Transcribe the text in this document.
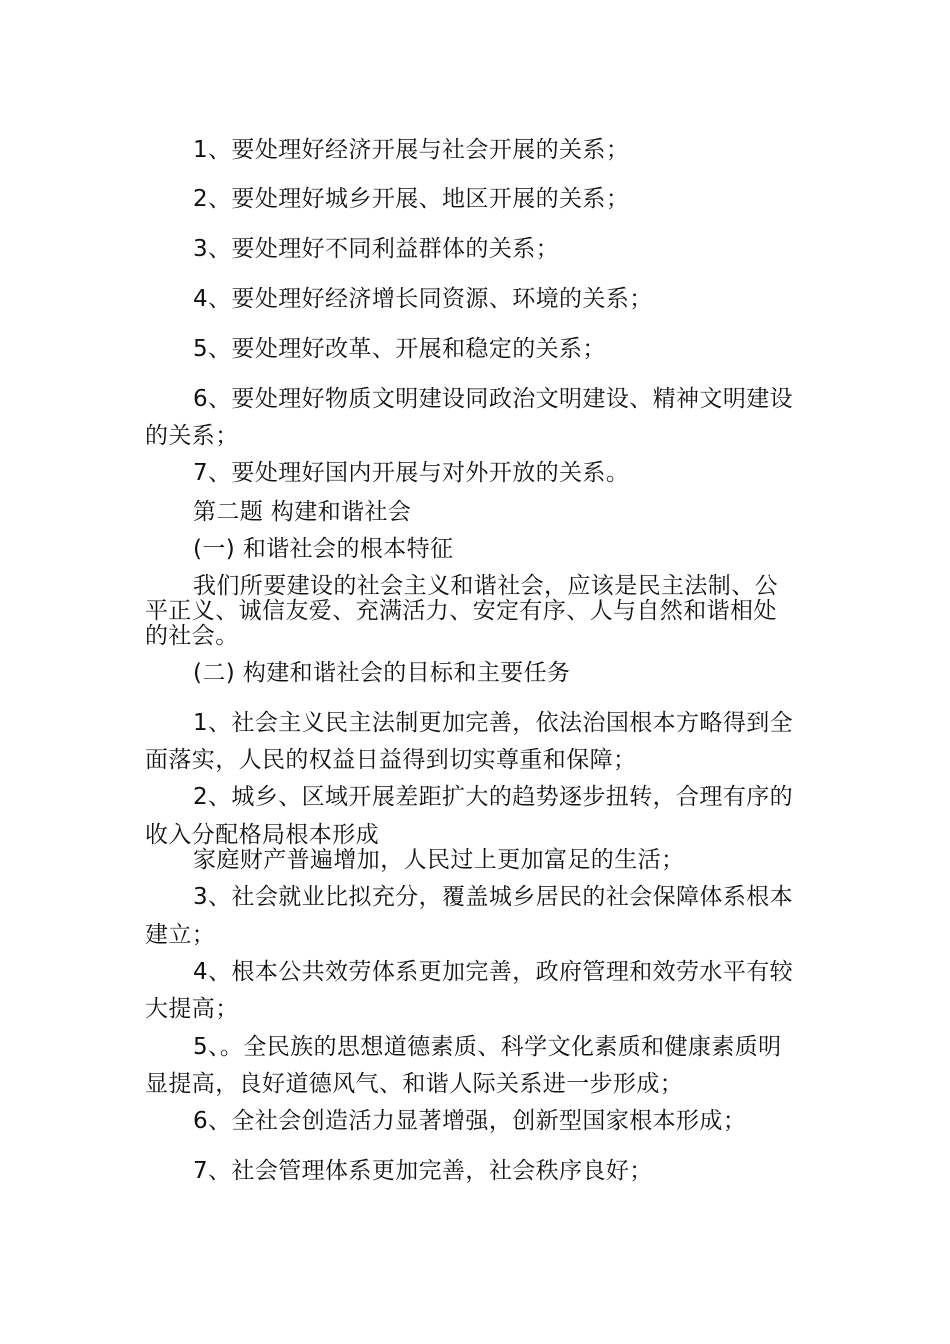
1、要处理好经济开展与社会开展的关系；
2、要处理好城乡开展、地区开展的关系；
3、要处理好不同利益群体的关系；
4、要处理好经济增长同资源、环境的关系；
5、要处理好改革、开展和稳定的关系；
6、要处理好物质文明建设同政治文明建设、精神文明建设
的关系；
7、要处理好国内开展与对外开放的关系。
第二题 构建和谐社会
(一) 和谐社会的根本特征
我们所要建设的社会主义和谐社会，应该是民主法制、公
平正义、诚信友爱、充满活力、安定有序、人与自然和谐相处
的社会。
(二) 构建和谐社会的目标和主要任务
1、社会主义民主法制更加完善，依法治国根本方略得到全
面落实，人民的权益日益得到切实尊重和保障；
2、城乡、区域开展差距扩大的趋势逐步扭转，合理有序的
收入分配格局根本形成
家庭财产普遍增加，人民过上更加富足的生活；
3、社会就业比拟充分，覆盖城乡居民的社会保障体系根本
建立；
4、根本公共效劳体系更加完善，政府管理和效劳水平有较
大提高；
5、。全民族的思想道德素质、科学文化素质和健康素质明
显提高，良好道德风气、和谐人际关系进一步形成；
6、全社会创造活力显著增强，创新型国家根本形成；
7、社会管理体系更加完善，社会秩序良好；
